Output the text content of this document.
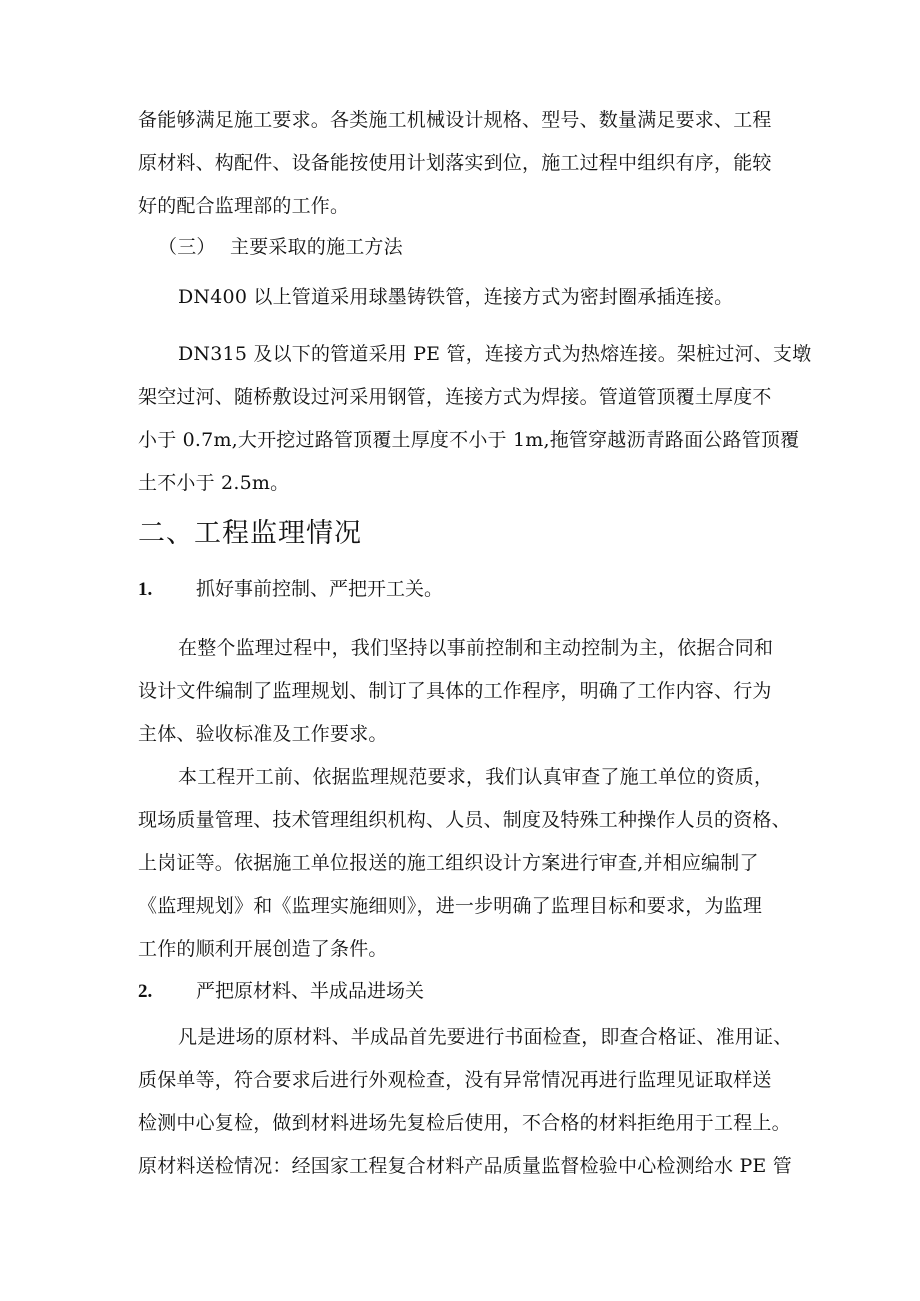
备能够满足施工要求。各类施工机械设计规格、型号、数量满足要求、工程
原材料、构配件、设备能按使用计划落实到位，施工过程中组织有序，能较
好的配合监理部的工作。
（三） 主要采取的施工方法
DN400 以上管道采用球墨铸铁管，连接方式为密封圈承插连接。
DN315 及以下的管道采用 PE 管，连接方式为热熔连接。架桩过河、支墩
架空过河、随桥敷设过河采用钢管，连接方式为焊接。管道管顶覆土厚度不
小于 0.7m,大开挖过路管顶覆土厚度不小于 1m,拖管穿越沥青路面公路管顶覆
土不小于 2.5m。
二、工程监理情况
1. 抓好事前控制、严把开工关。
在整个监理过程中，我们坚持以事前控制和主动控制为主，依据合同和
设计文件编制了监理规划、制订了具体的工作程序，明确了工作内容、行为
主体、验收标准及工作要求。
本工程开工前、依据监理规范要求，我们认真审查了施工单位的资质，
现场质量管理、技术管理组织机构、人员、制度及特殊工种操作人员的资格、
上岗证等。依据施工单位报送的施工组织设计方案进行审查,并相应编制了
《监理规划》和《监理实施细则》，进一步明确了监理目标和要求，为监理
工作的顺利开展创造了条件。
2. 严把原材料、半成品进场关
凡是进场的原材料、半成品首先要进行书面检查，即查合格证、准用证、
质保单等，符合要求后进行外观检查，没有异常情况再进行监理见证取样送
检测中心复检，做到材料进场先复检后使用，不合格的材料拒绝用于工程上。
原材料送检情况：经国家工程复合材料产品质量监督检验中心检测给水 PE 管
